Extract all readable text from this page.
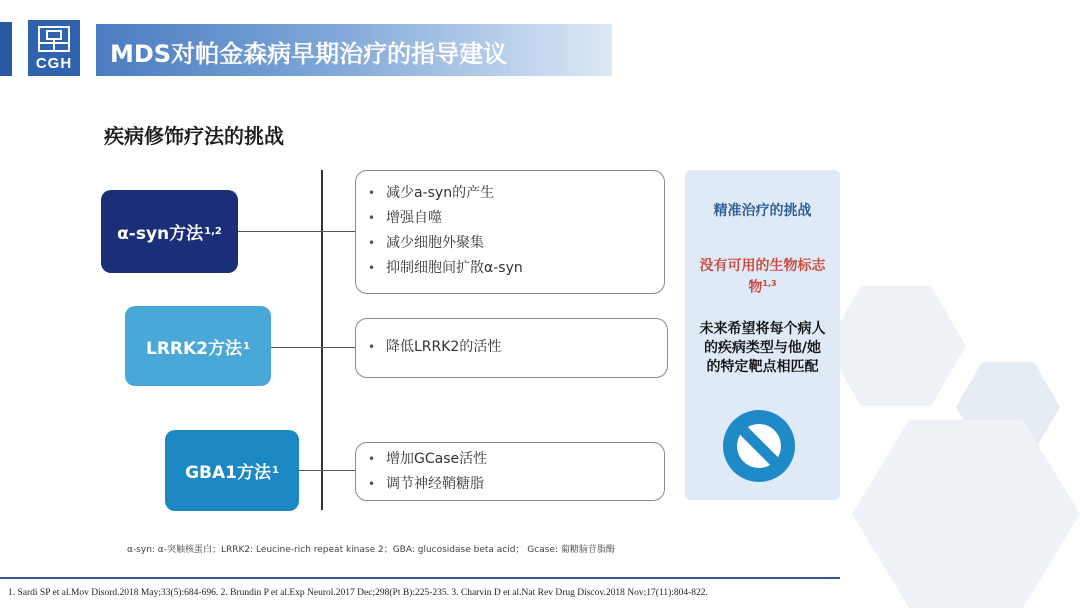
CGH	MDS对帕金森病早期治疗的指导建议
疾病修饰疗法的挑战
α-syn方法 1,2
LRRK2方法 1
GBA1方法 1
• 减少a-syn的产生
• 增强自噬
• 减少细胞外聚集
• 抑制细胞间扩散α-syn
• 降低LRRK2的活性
• 增加GCase活性
• 调节神经鞘糖脂
精准治疗的挑战
没有可用的生物标志物$^{1,3}$
未来希望将每个病人的疾病类型与他/她的特定靶点相匹配
α-syn: α-突触核蛋白；LRRK2: Leucine-rich repeat kinase 2；GBA: glucosidase beta acid； Gcase: 葡糖脑苷脂酶
1. Sardi SP et al.Mov Disord.2018 May;33(5):684-696. 2. Brundin P et al.Exp Neurol.2017 Dec;298(Pt B):225-235. 3. Charvin D et al.Nat Rev Drug Discov.2018 Nov;17(11):804-822.
